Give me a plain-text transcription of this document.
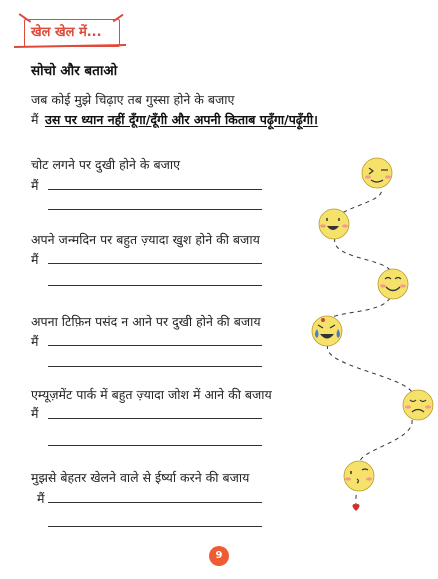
खेल खेल में...
सोचो और बताओ
जब कोई मुझे चिढ़ाए तब गुस्सा होने के बजाए
मैं उस पर ध्यान नहीं दूँगा/दूँगी और अपनी किताब पढ़ूँगा/पढ़ूँगी।
चोट लगने पर दुखी होने के बजाए
मैं
अपने जन्मदिन पर बहुत ज़्यादा खुश होने की बजाय
मैं
अपना टिफ़िन पसंद न आने पर दुखी होने की बजाय
मैं
एम्यूज़मेंट पार्क में बहुत ज़्यादा जोश में आने की बजाय
मैं
मुझसे बेहतर खेलने वाले से ईर्ष्या करने की बजाय
मैं
9
